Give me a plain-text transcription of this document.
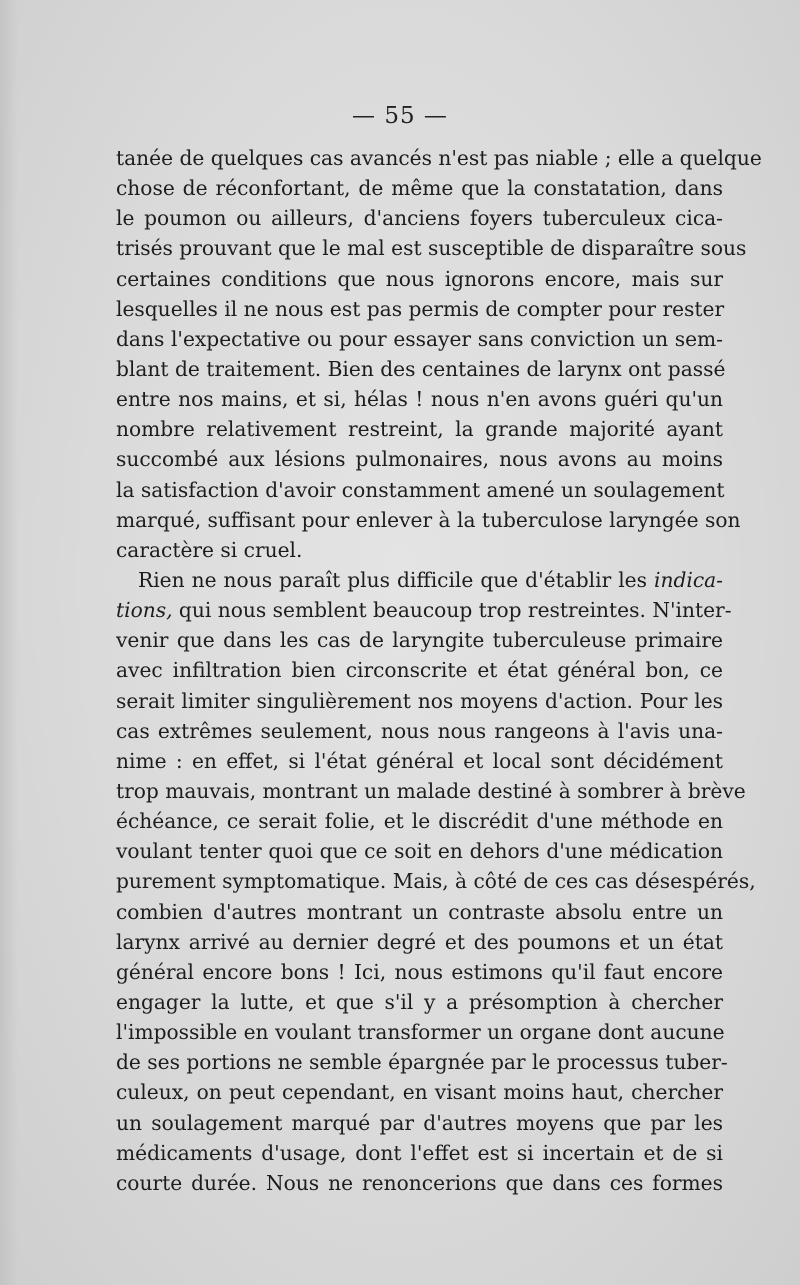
— 55 —
tanée de quelques cas avancés n'est pas niable ; elle a quelque
chose de réconfortant, de même que la constatation, dans
le poumon ou ailleurs, d'anciens foyers tuberculeux cica-
trisés prouvant que le mal est susceptible de disparaître sous
certaines conditions que nous ignorons encore, mais sur
lesquelles il ne nous est pas permis de compter pour rester
dans l'expectative ou pour essayer sans conviction un sem-
blant de traitement. Bien des centaines de larynx ont passé
entre nos mains, et si, hélas ! nous n'en avons guéri qu'un
nombre relativement restreint, la grande majorité ayant
succombé aux lésions pulmonaires, nous avons au moins
la satisfaction d'avoir constamment amené un soulagement
marqué, suffisant pour enlever à la tuberculose laryngée son
caractère si cruel.
Rien ne nous paraît plus difficile que d'établir les indica-
tions, qui nous semblent beaucoup trop restreintes. N'inter-
venir que dans les cas de laryngite tuberculeuse primaire
avec infiltration bien circonscrite et état général bon, ce
serait limiter singulièrement nos moyens d'action. Pour les
cas extrêmes seulement, nous nous rangeons à l'avis una-
nime : en effet, si l'état général et local sont décidément
trop mauvais, montrant un malade destiné à sombrer à brève
échéance, ce serait folie, et le discrédit d'une méthode en
voulant tenter quoi que ce soit en dehors d'une médication
purement symptomatique. Mais, à côté de ces cas désespérés,
combien d'autres montrant un contraste absolu entre un
larynx arrivé au dernier degré et des poumons et un état
général encore bons ! Ici, nous estimons qu'il faut encore
engager la lutte, et que s'il y a présomption à chercher
l'impossible en voulant transformer un organe dont aucune
de ses portions ne semble épargnée par le processus tuber-
culeux, on peut cependant, en visant moins haut, chercher
un soulagement marqué par d'autres moyens que par les
médicaments d'usage, dont l'effet est si incertain et de si
courte durée. Nous ne renoncerions que dans ces formes
